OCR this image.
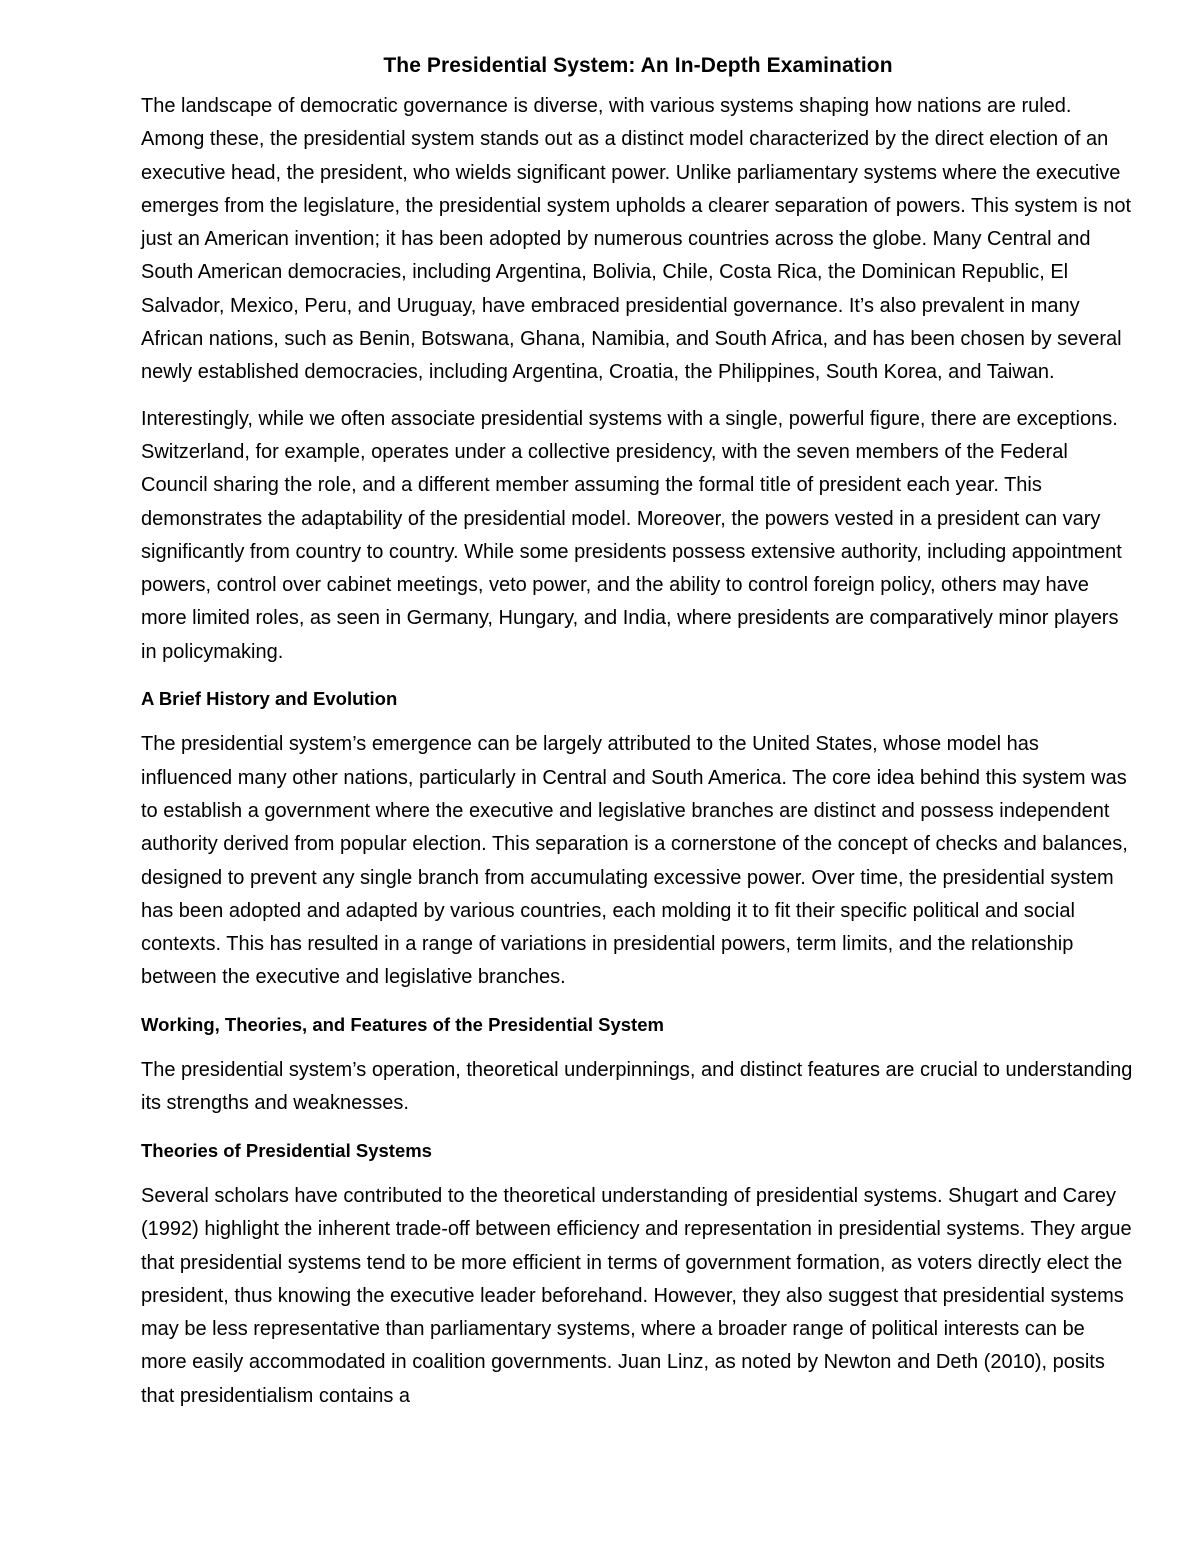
The Presidential System: An In-Depth Examination

The landscape of democratic governance is diverse, with various systems shaping how nations are ruled. Among these, the presidential system stands out as a distinct model characterized by the direct election of an executive head, the president, who wields significant power. Unlike parliamentary systems where the executive emerges from the legislature, the presidential system upholds a clearer separation of powers. This system is not just an American invention; it has been adopted by numerous countries across the globe. Many Central and South American democracies, including Argentina, Bolivia, Chile, Costa Rica, the Dominican Republic, El Salvador, Mexico, Peru, and Uruguay, have embraced presidential governance. It’s also prevalent in many African nations, such as Benin, Botswana, Ghana, Namibia, and South Africa, and has been chosen by several newly established democracies, including Argentina, Croatia, the Philippines, South Korea, and Taiwan.

Interestingly, while we often associate presidential systems with a single, powerful figure, there are exceptions. Switzerland, for example, operates under a collective presidency, with the seven members of the Federal Council sharing the role, and a different member assuming the formal title of president each year. This demonstrates the adaptability of the presidential model. Moreover, the powers vested in a president can vary significantly from country to country. While some presidents possess extensive authority, including appointment powers, control over cabinet meetings, veto power, and the ability to control foreign policy, others may have more limited roles, as seen in Germany, Hungary, and India, where presidents are comparatively minor players in policymaking.

A Brief History and Evolution

The presidential system’s emergence can be largely attributed to the United States, whose model has influenced many other nations, particularly in Central and South America. The core idea behind this system was to establish a government where the executive and legislative branches are distinct and possess independent authority derived from popular election. This separation is a cornerstone of the concept of checks and balances, designed to prevent any single branch from accumulating excessive power. Over time, the presidential system has been adopted and adapted by various countries, each molding it to fit their specific political and social contexts. This has resulted in a range of variations in presidential powers, term limits, and the relationship between the executive and legislative branches.

Working, Theories, and Features of the Presidential System

The presidential system’s operation, theoretical underpinnings, and distinct features are crucial to understanding its strengths and weaknesses.

Theories of Presidential Systems

Several scholars have contributed to the theoretical understanding of presidential systems. Shugart and Carey (1992) highlight the inherent trade-off between efficiency and representation in presidential systems. They argue that presidential systems tend to be more efficient in terms of government formation, as voters directly elect the president, thus knowing the executive leader beforehand. However, they also suggest that presidential systems may be less representative than parliamentary systems, where a broader range of political interests can be more easily accommodated in coalition governments. Juan Linz, as noted by Newton and Deth (2010), posits that presidentialism contains a
